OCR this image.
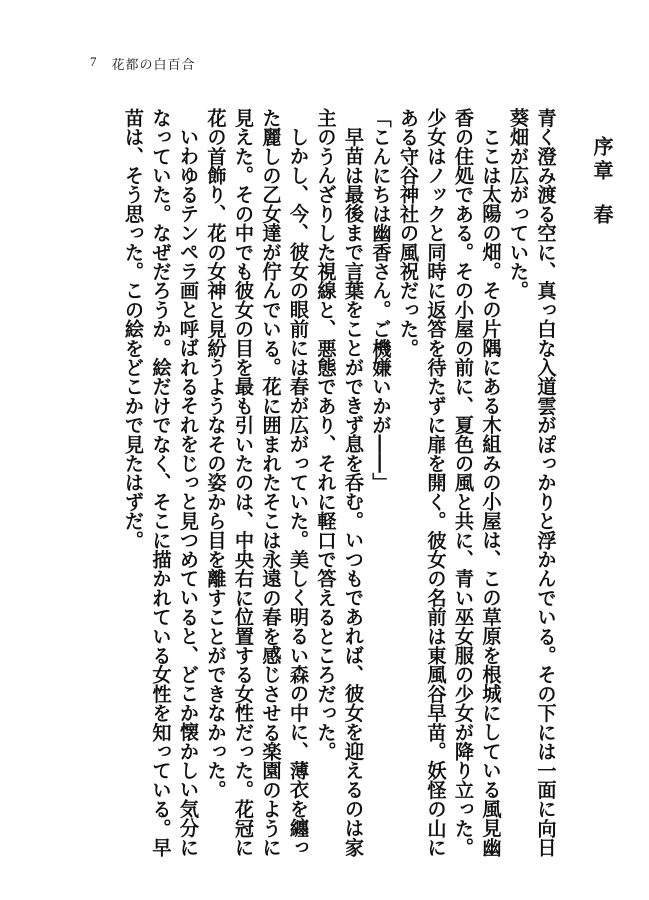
7 花都の白百合
序章春

青く澄み渡る空に、真っ白な入道雲がぽっかりと浮かんでいる。その下には一面に向日葵畑が広がっていた。

ここは太陽の畑。その片隅にある木組みの小屋は、この草原を根城にしている風見幽香の住処である。その小屋の前に、夏色の風と共に、青い巫女服の少女が降り立った。

少女はノックと同時に返答を待たずに扉を開く。彼女の名前は東風谷早苗。妖怪の山にある守谷神社の風祝だった。

「こんにちは幽香さん。ご機嫌いかが――」

早苗は最後まで言葉をことができず息を呑む。いつもであれば、彼女を迎えるのは家主のうんざりした視線と、悪態であり、それに軽口で答えるところだった。

しかし、今、彼女の眼前には春が広がっていた。美しく明るい森の中に、薄衣を纏った麗しの乙女達が佇んでいる。花に囲まれたそこは永遠の春を感じさせる楽園のように見えた。その中でも彼女の目を最も引いたのは、中央右に位置する女性だった。花冠に花の首飾り、花の女神と見紛うようなその姿から目を離すことができなかった。

いわゆるテンペラ画と呼ばれるそれをじっと見つめていると、どこか懐かしい気分になっていた。なぜだろうか。絵だけでなく、そこに描かれている女性を知っている。早苗は、そう思った。この絵をどこかで見たはずだ。
